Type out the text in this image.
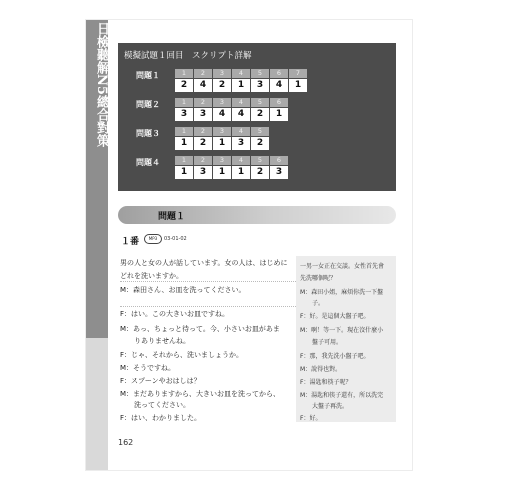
日檢聽解N5總合對策 模擬試題１回目　スクリプト詳解
問題１	1	2	3	4	5	6	7
2	4	2	1	3	4	1
問題２	1	2	3	4	5	6
3	3	4	4	2	1
問題３	1	2	3	4	5
1	2	1	3	2
問題４	1	2	3	4	5	6
1	3	1	1	2	3
問題１
１番	MP3	03-01-02
男の人と女の人が話しています。女の人は、はじめに
どれを洗いますか。
M：森田さん、お皿を洗ってください。
F：はい。この大きいお皿ですね。
M：あっ、ちょっと待って。今、小さいお皿があま
　　りありませんね。
F：じゃ、それから、洗いましょうか。
M：そうですね。
F：スプーンやおはしは？
M：まだありますから、大きいお皿を洗ってから、
　　洗ってください。
F：はい、わかりました。
一男一女正在交談。女性首先會
先洗哪個呢？
M：森田小姐，麻煩你洗一下盤
　　子。
F：好。是這個大盤子吧。
M：啊！等一下。現在沒什麼小
　　盤子可用。
F：那，我先洗小盤子吧。
M：說得也對。
F：湯匙和筷子呢？
M：湯匙和筷子還有，所以洗完
　　大盤子再洗。
F：好。
162
